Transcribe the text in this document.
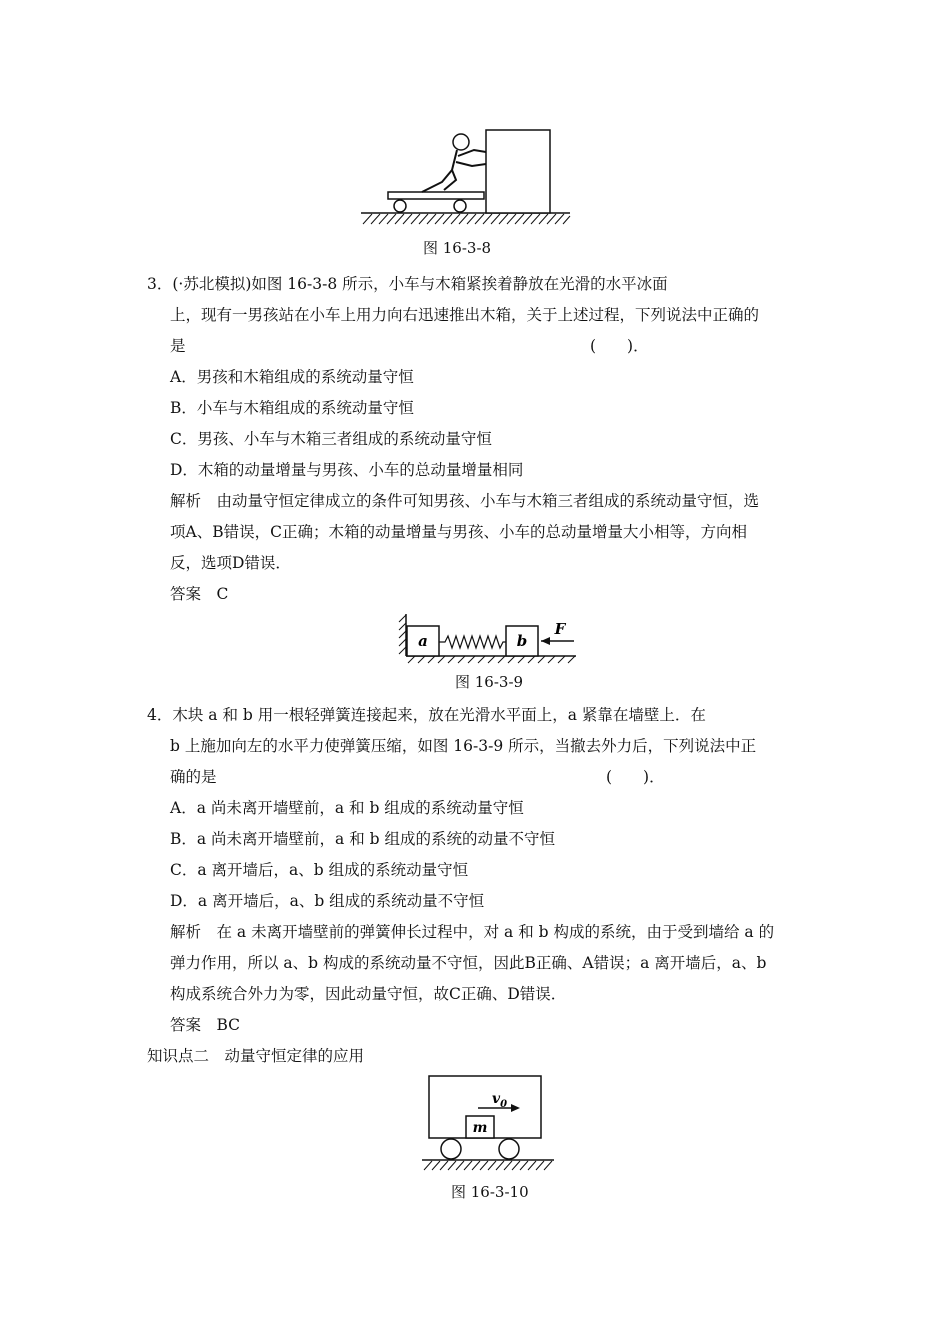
图 16-3-8
3．(·苏北模拟)如图 16-3-8 所示，小车与木箱紧挨着静放在光滑的水平冰面
上，现有一男孩站在小车上用力向右迅速推出木箱，关于上述过程，下列说法中正确的
是	(　　)．
A．男孩和木箱组成的系统动量守恒
B．小车与木箱组成的系统动量守恒
C．男孩、小车与木箱三者组成的系统动量守恒
D．木箱的动量增量与男孩、小车的总动量增量相同
解析　由动量守恒定律成立的条件可知男孩、小车与木箱三者组成的系统动量守恒，选
项A、B错误，C正确；木箱的动量增量与男孩、小车的总动量增量大小相等，方向相
反，选项D错误．
答案　C
a	b
F
图 16-3-9
4．木块 a 和 b 用一根轻弹簧连接起来，放在光滑水平面上，a 紧靠在墙壁上．在
b 上施加向左的水平力使弹簧压缩，如图 16-3-9 所示，当撤去外力后，下列说法中正
确的是	(　　)．
A．a 尚未离开墙壁前，a 和 b 组成的系统动量守恒
B．a 尚未离开墙壁前，a 和 b 组成的系统的动量不守恒
C．a 离开墙后，a、b 组成的系统动量守恒
D．a 离开墙后，a、b 组成的系统动量不守恒
解析　在 a 未离开墙壁前的弹簧伸长过程中，对 a 和 b 构成的系统，由于受到墙给 a 的
弹力作用，所以 a、b 构成的系统动量不守恒，因此B正确、A错误；a 离开墙后，a、b
构成系统合外力为零，因此动量守恒，故C正确、D错误．
答案　BC
知识点二　动量守恒定律的应用
m
$v_0$
图 16-3-10
